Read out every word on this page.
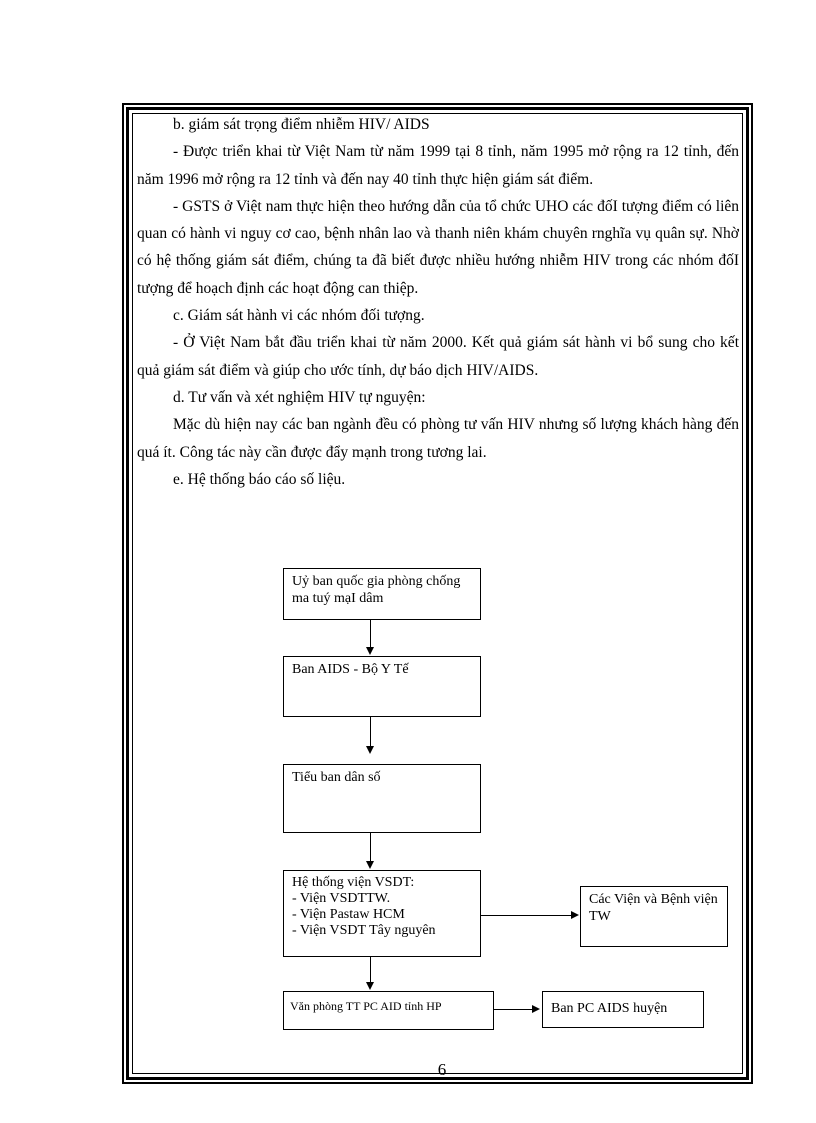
b. giám sát trọng điểm nhiễm HIV/ AIDS

- Được triển khai từ Việt Nam từ năm 1999 tại 8 tỉnh, năm 1995 mở rộng ra 12 tỉnh, đến năm 1996 mở rộng ra 12 tỉnh và đến nay 40 tỉnh thực hiện giám sát điểm.

- GSTS ở Việt nam thực hiện theo hướng dẫn của tổ chức UHO các đốI tượng điểm có liên quan có hành vi nguy cơ cao, bệnh nhân lao và thanh niên khám chuyên rnghĩa vụ quân sự. Nhờ có hệ thống giám sát điểm, chúng ta đã biết được nhiều hướng nhiễm HIV trong các nhóm đốI tượng để hoạch định các hoạt động can thiệp.

c. Giám sát hành vi các nhóm đối tượng.

- Ở Việt Nam bắt đầu triển khai từ năm 2000. Kết quả giám sát hành vi bổ sung cho kết quả giám sát điểm và giúp cho ước tính, dự báo dịch HIV/AIDS.

d. Tư vấn và xét nghiệm HIV tự nguyện:

Mặc dù hiện nay các ban ngành đều có phòng tư vấn HIV nhưng số lượng khách hàng đến quá ít. Công tác này cần được đẩy mạnh trong tương lai.

e. Hệ thống báo cáo số liệu.

Uỷ ban quốc gia phòng chống ma tuý mạI dâm
Ban AIDS - Bộ Y Tế
Tiểu ban dân số
Hệ thống viện VSDT:
- Viện VSDTTW.
- Viện Pastaw HCM
- Viện VSDT Tây nguyên
Các Viện và Bệnh viện TW
Văn phòng TT PC AID tỉnh HP	Ban PC AIDS huyện
6
